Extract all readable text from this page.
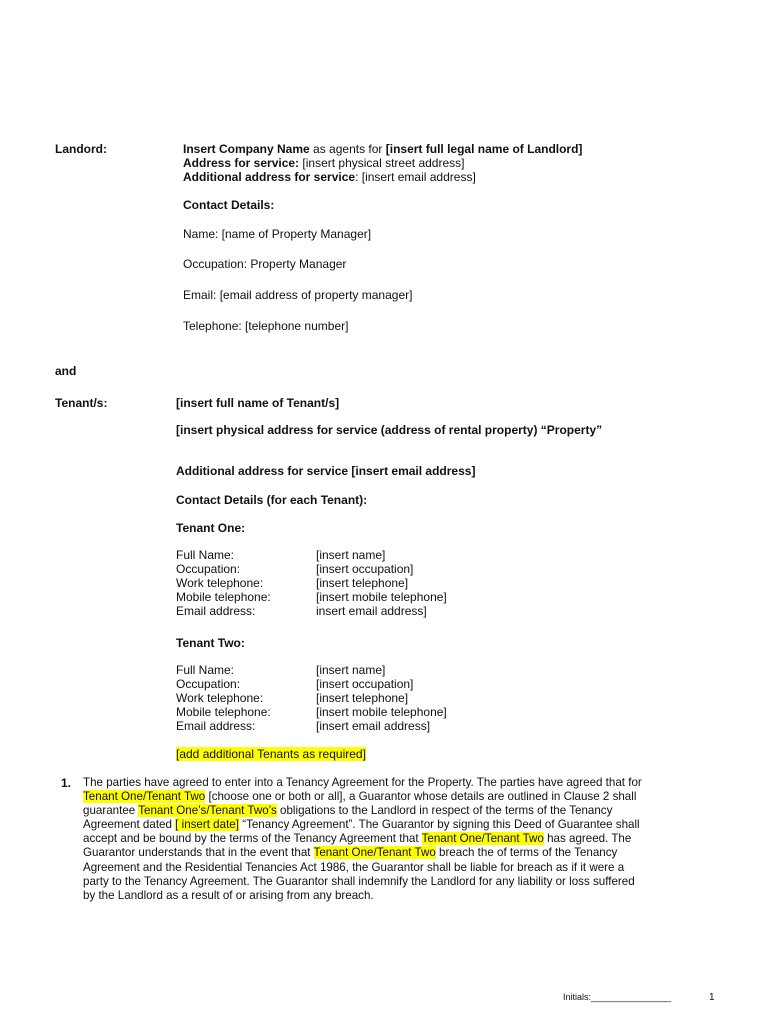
Landord:	Insert Company Name as agents for [insert full legal name of Landlord]
Address for service: [insert physical street address]
Additional address for service: [insert email address]
Contact Details:
Name: [name of Property Manager]
Occupation: Property Manager
Email: [email address of property manager]
Telephone: [telephone number]
and
Tenant/s:	[insert full name of Tenant/s]
[insert physical address for service (address of rental property) “Property”
Additional address for service [insert email address]
Contact Details (for each Tenant):
Tenant One:
Full Name:	[insert name]
Occupation:	[insert occupation]
Work telephone:	[insert telephone]
Mobile telephone:	[insert mobile telephone]
Email address:	insert email address]
Tenant Two:
Full Name:	[insert name]
Occupation:	[insert occupation]
Work telephone:	[insert telephone]
Mobile telephone:	[insert mobile telephone]
Email address:	[insert email address]
[add additional Tenants as required]
1. The parties have agreed to enter into a Tenancy Agreement for the Property. The parties have agreed that for
Tenant One/Tenant Two [choose one or both or all], a Guarantor whose details are outlined in Clause 2 shall
guarantee Tenant One’s/Tenant Two’s obligations to the Landlord in respect of the terms of the Tenancy
Agreement dated [ insert date] “Tenancy Agreement”. The Guarantor by signing this Deed of Guarantee shall
accept and be bound by the terms of the Tenancy Agreement that Tenant One/Tenant Two has agreed. The
Guarantor understands that in the event that Tenant One/Tenant Two breach the of terms of the Tenancy
Agreement and the Residential Tenancies Act 1986, the Guarantor shall be liable for breach as if it were a
party to the Tenancy Agreement. The Guarantor shall indemnify the Landlord for any liability or loss suffered
by the Landlord as a result of or arising from any breach.
Initials:________________	1
